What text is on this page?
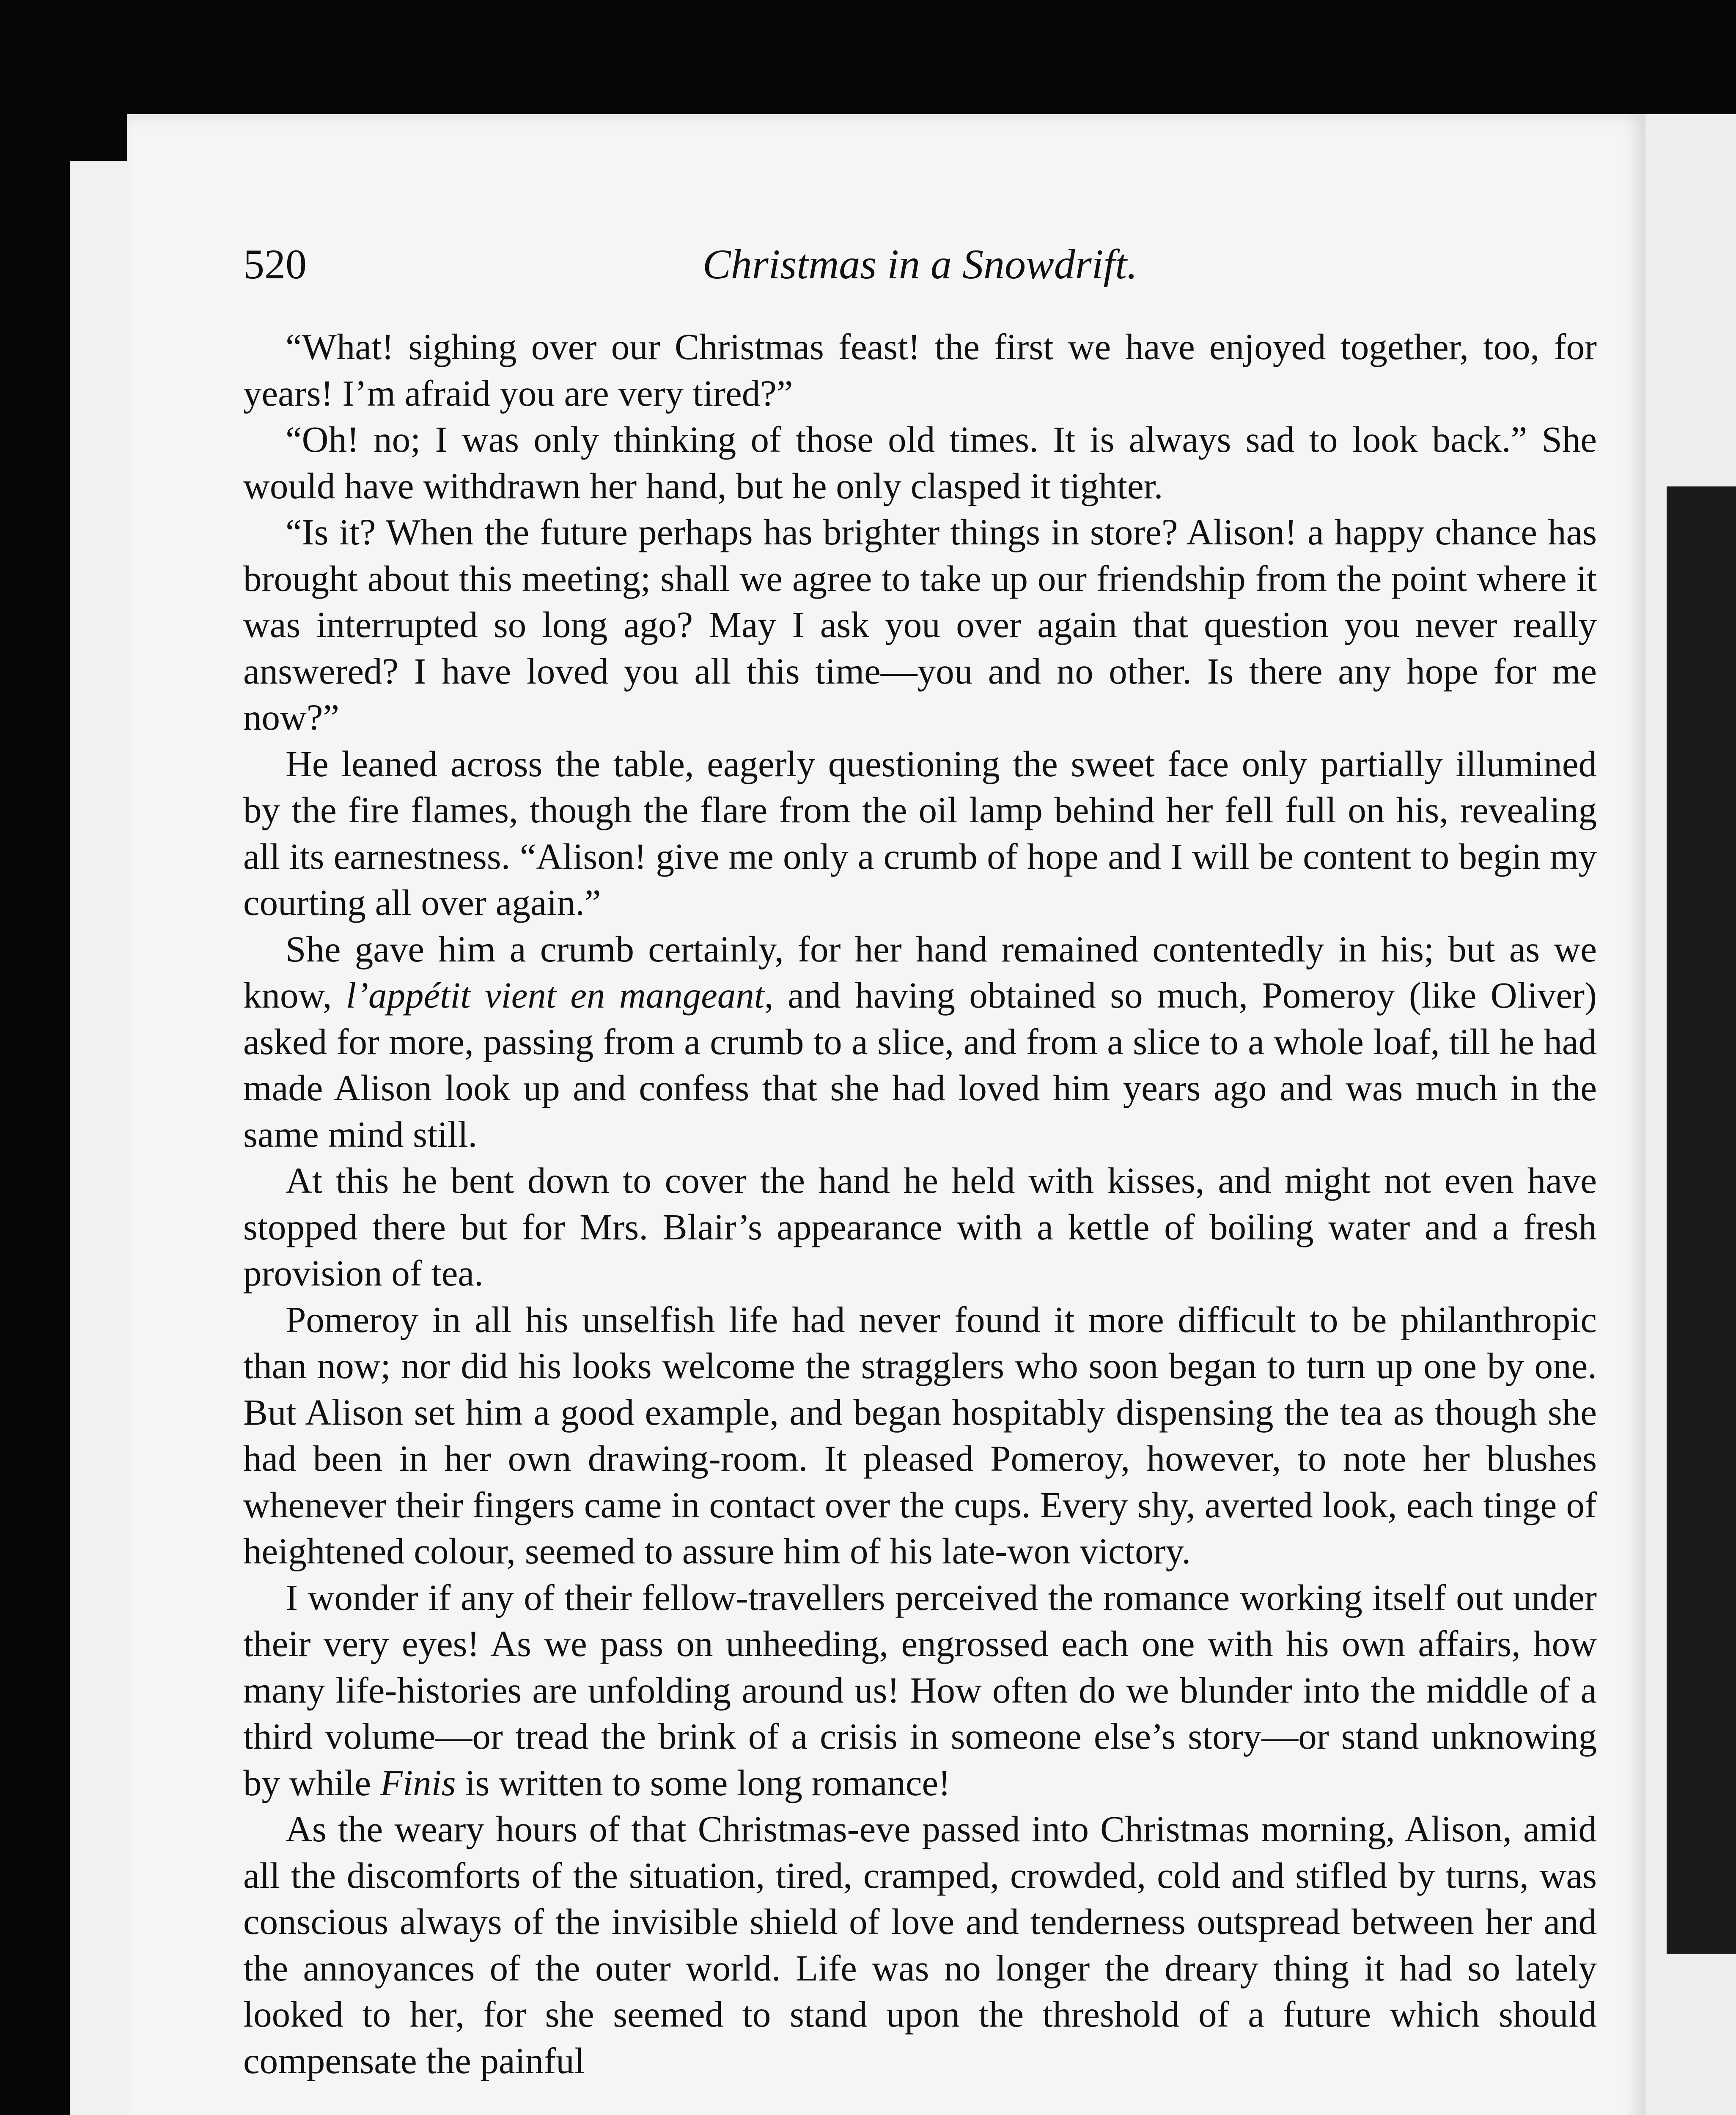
Christmas in a Snowdrift.
520

“What! sighing over our Christmas feast! the first we have enjoyed together, too, for years! I’m afraid you are very tired?”

“Oh! no; I was only thinking of those old times. It is always sad to look back.” She would have withdrawn her hand, but he only clasped it tighter.

“Is it? When the future perhaps has brighter things in store? Alison! a happy chance has brought about this meeting; shall we agree to take up our friendship from the point where it was interrupted so long ago? May I ask you over again that question you never really answered? I have loved you all this time—you and no other. Is there any hope for me now?”

He leaned across the table, eagerly questioning the sweet face only partially illumined by the fire flames, though the flare from the oil lamp behind her fell full on his, revealing all its earnestness. “Alison! give me only a crumb of hope and I will be content to begin my courting all over again.”

She gave him a crumb certainly, for her hand remained contentedly in his; but as we know, l’appétit vient en mangeant, and having obtained so much, Pomeroy (like Oliver) asked for more, passing from a crumb to a slice, and from a slice to a whole loaf, till he had made Alison look up and confess that she had loved him years ago and was much in the same mind still.

At this he bent down to cover the hand he held with kisses, and might not even have stopped there but for Mrs. Blair’s appearance with a kettle of boiling water and a fresh provision of tea.

Pomeroy in all his unselfish life had never found it more difficult to be philanthropic than now; nor did his looks welcome the stragglers who soon began to turn up one by one. But Alison set him a good example, and began hospitably dispensing the tea as though she had been in her own drawing-room. It pleased Pomeroy, however, to note her blushes whenever their fingers came in contact over the cups. Every shy, averted look, each tinge of heightened colour, seemed to assure him of his late-won victory.

I wonder if any of their fellow-travellers perceived the romance working itself out under their very eyes! As we pass on unheeding, engrossed each one with his own affairs, how many life-histories are unfolding around us! How often do we blunder into the middle of a third volume—or tread the brink of a crisis in someone else’s story—or stand unknowing by while Finis is written to some long romance!

As the weary hours of that Christmas-eve passed into Christmas morning, Alison, amid all the discomforts of the situation, tired, cramped, crowded, cold and stifled by turns, was conscious always of the invisible shield of love and tenderness outspread between her and the annoyances of the outer world. Life was no longer the dreary thing it had so lately looked to her, for she seemed to stand upon the threshold of a future which should compensate the painful
